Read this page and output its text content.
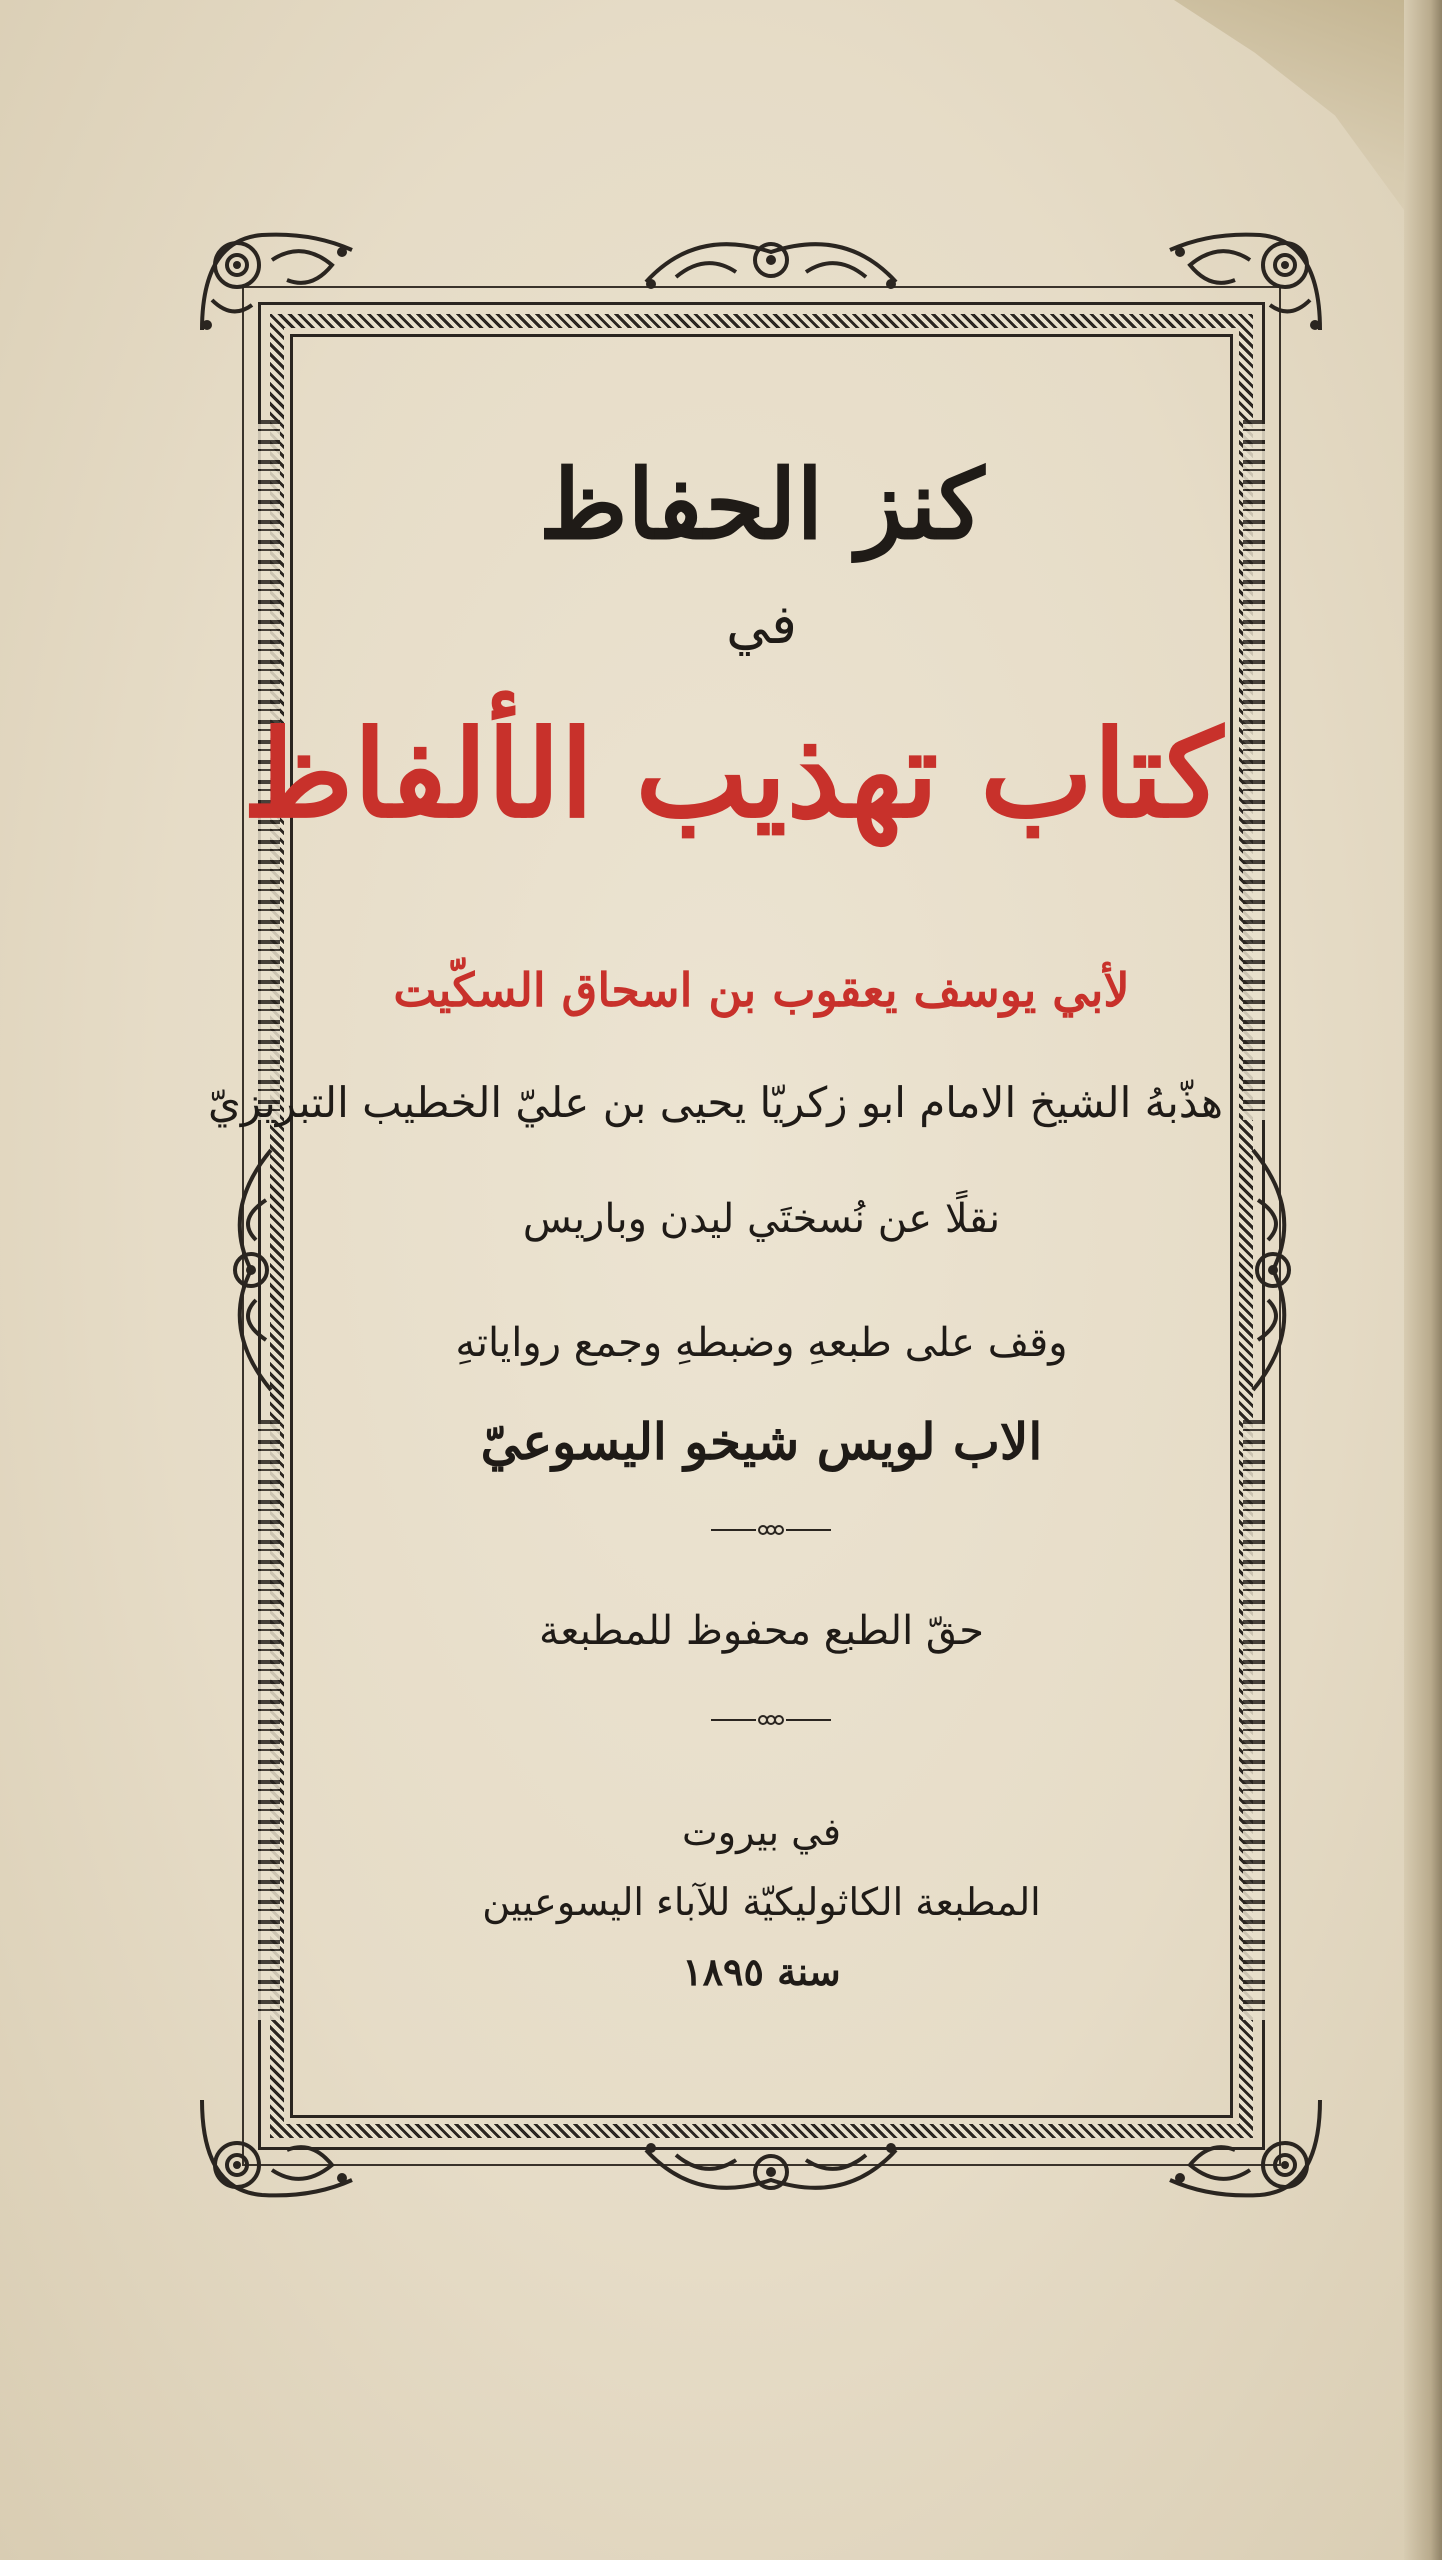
كنز الحفاظ
في
كتاب تهذيب الألفاظ
لأبي يوسف يعقوب بن اسحاق السكّيت
هذّبهُ الشيخ الامام ابو زكريّا يحيى بن عليّ الخطيب التبريزيّ
نقلًا عن نُسختَي ليدن وباريس
وقف على طبعهِ وضبطهِ وجمع رواياتهِ
الاب لويس شيخو اليسوعيّ
حقّ الطبع محفوظ للمطبعة
في بيروت
المطبعة الكاثوليكيّة للآباء اليسوعيين
سنة ١٨٩٥
